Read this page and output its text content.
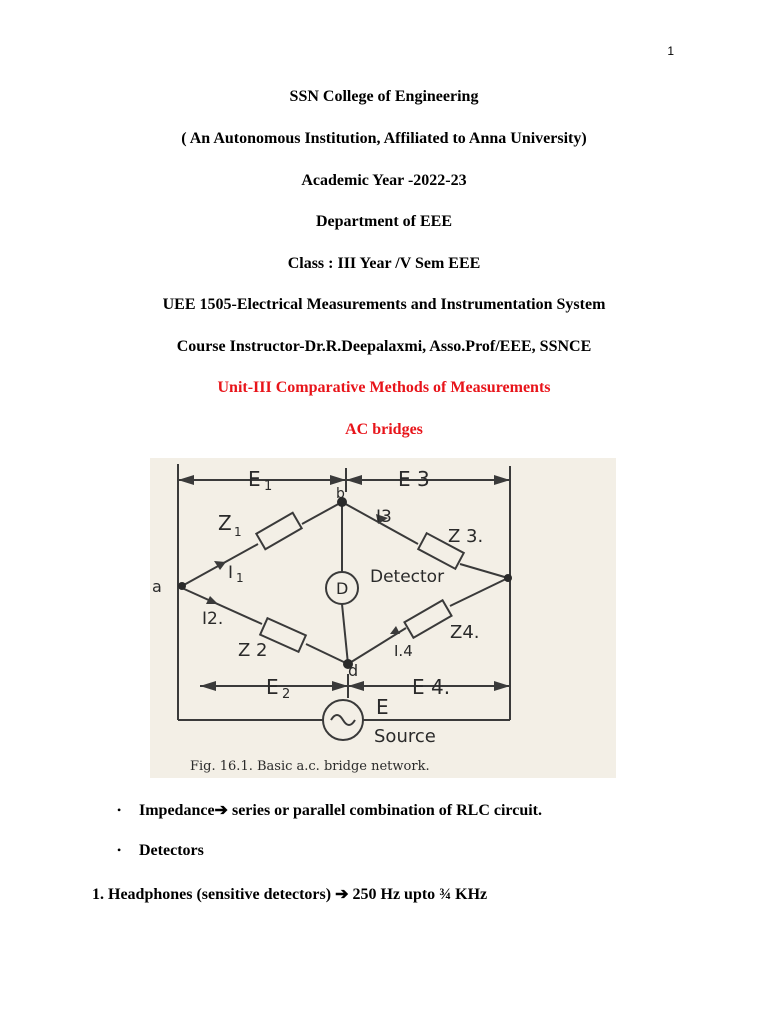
1
SSN College of Engineering
( An Autonomous Institution, Affiliated to Anna University)
Academic Year -2022-23
Department of EEE
Class : III Year /V Sem EEE
UEE 1505-Electrical Measurements and Instrumentation System
Course Instructor-Dr.R.Deepalaxmi, Asso.Prof/EEE, SSNCE
Unit-III Comparative Methods of Measurements
AC bridges
E 1	E 3
b
Z 1
I3
Z 3.
I 1
D
Detector
a
I2.
Z4.
Z 2	I.4
d
E 2	E 4.
E
Source
Fig. 16.1. Basic a.c. bridge network.
• Impedance➔ series or parallel combination of RLC circuit.
• Detectors
1. Headphones (sensitive detectors) ➔ 250 Hz upto ¾ KHz
